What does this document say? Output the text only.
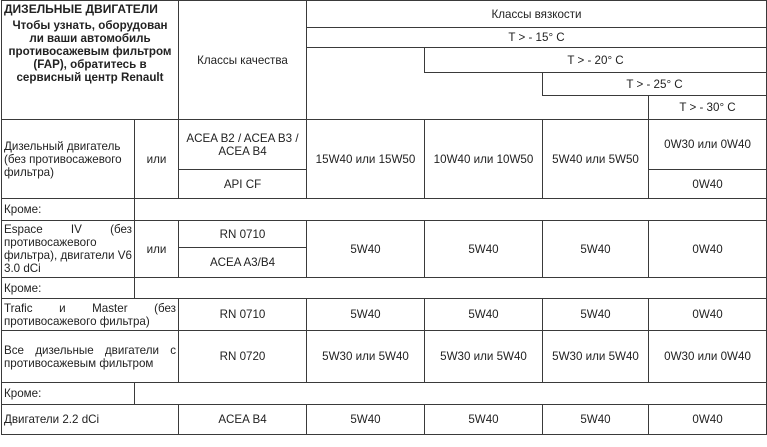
ДИЗЕЛЬНЫЕ ДВИГАТЕЛИ
Чтобы узнать, оборудован ли ваши автомобиль противосажевым фильтром (FAP), обратитесь в сервисный центр Renault		Классы качества	Классы вязкости			
			T > - 15° C			
				T > - 20° C		
					T > - 25° C	
						T > - 30° C
Дизельный двигатель (без противосажевого фильтра)	или	ACEA B2 / ACEA B3 / ACEA B4	15W40 или 15W50	10W40 или 10W50	5W40 или 5W50	0W30 или 0W40
		API CF				0W40
Кроме:						
Espace IV (без противосажевого фильтра), двигатели V6 3.0 dCi	или	RN 0710	5W40	5W40	5W40	0W40
		ACEA A3/B4				
Кроме:						
Trafic и Master (без противосажевого фильтра)		RN 0710	5W40	5W40	5W40	0W40
Все дизельные двигатели с противосажевым фильтром		RN 0720	5W30 или 5W40	5W30 или 5W40	5W30 или 5W40	0W30 или 0W40
Кроме:						
Двигатели 2.2 dCi		ACEA B4	5W40	5W40	5W40	0W40
